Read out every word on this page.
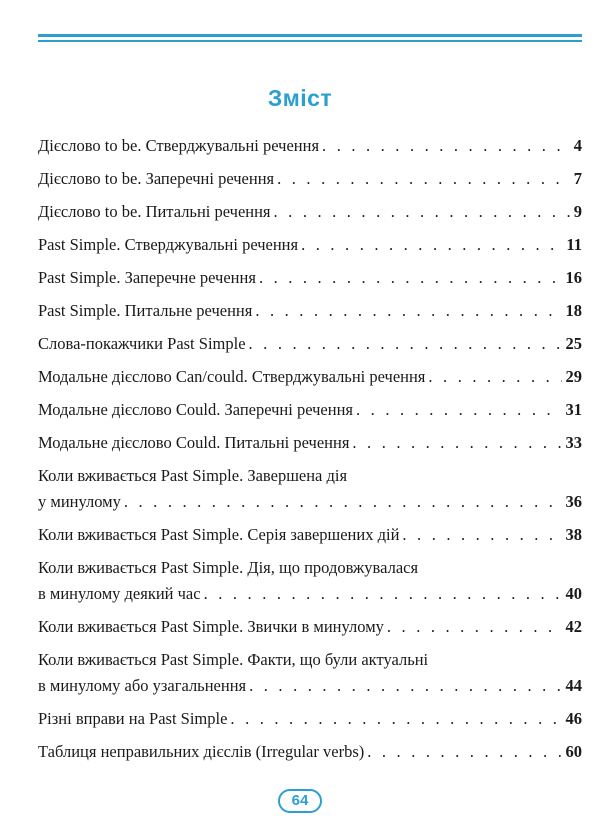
Зміст
Дієслово to be. Стверджувальні речення . . .	4
Дієслово to be. Заперечні речення . . .	7
Дієслово to be. Питальні речення . . .	9
Past Simple. Стверджувальні речення . . .	11
Past Simple. Заперечне речення . . .	16
Past Simple. Питальне речення . . .	18
Слова-покажчики Past Simple . . .	25
Модальне дієслово Can/could. Стверджувальні речення . . .	29
Модальне дієслово Could. Заперечні речення . . .	31
Модальне дієслово Could. Питальні речення . . .	33
Коли вживається Past Simple. Завершена дія
у минулому . . .	36
Коли вживається Past Simple. Серія завершених дій . . .	38
Коли вживається Past Simple. Дія, що продовжувалася
в минулому деякий час . . .	40
Коли вживається Past Simple. Звички в минулому . . .	42
Коли вживається Past Simple. Факти, що були актуальні
в минулому або узагальнення . . .	44
Різні вправи на Past Simple . . .	46
Таблиця неправильних дієслів (Irregular verbs) . . .	60
64
